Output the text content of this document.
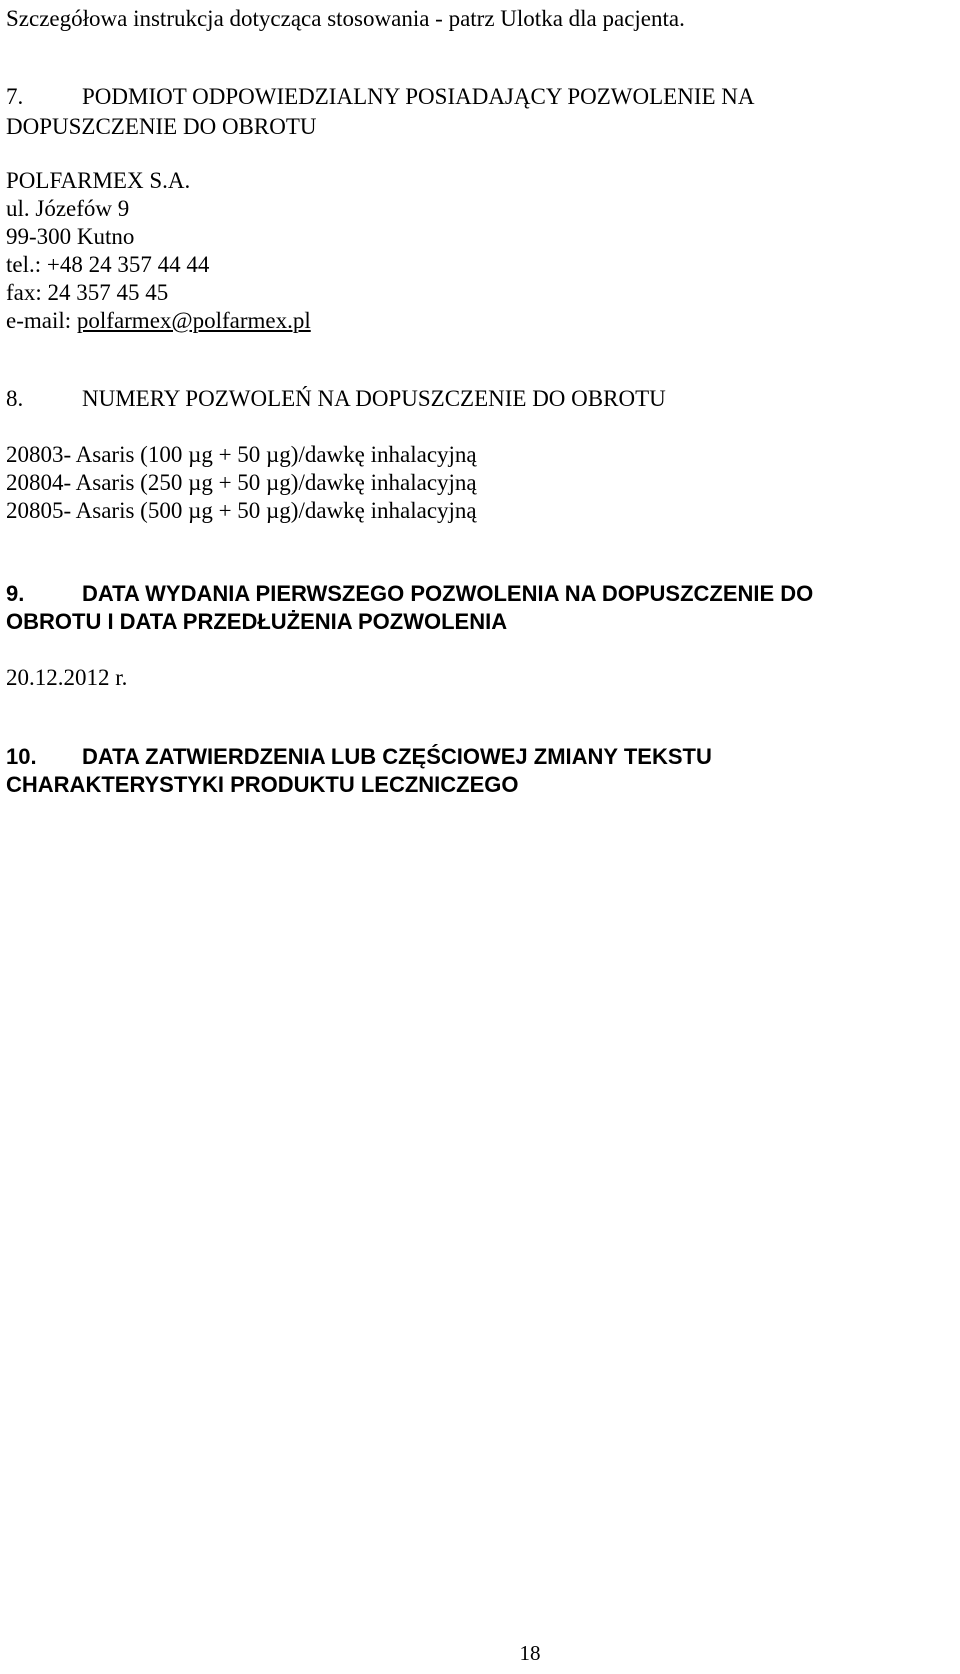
Szczegółowa instrukcja dotycząca stosowania - patrz Ulotka dla pacjenta.
7.	PODMIOT ODPOWIEDZIALNY POSIADAJĄCY POZWOLENIE NA
DOPUSZCZENIE DO OBROTU
POLFARMEX S.A.
ul. Józefów 9
99-300 Kutno
tel.: +48 24 357 44 44
fax: 24 357 45 45
e-mail: polfarmex@polfarmex.pl
8.	NUMERY POZWOLEŃ NA DOPUSZCZENIE DO OBROTU
20803- Asaris (100 µg + 50 µg)/dawkę inhalacyjną
20804- Asaris (250 µg + 50 µg)/dawkę inhalacyjną
20805- Asaris (500 µg + 50 µg)/dawkę inhalacyjną
9.	DATA WYDANIA PIERWSZEGO POZWOLENIA NA DOPUSZCZENIE DO
OBROTU I DATA PRZEDŁUŻENIA POZWOLENIA
20.12.2012 r.
10. DATA ZATWIERDZENIA LUB CZĘŚCIOWEJ ZMIANY TEKSTU
CHARAKTERYSTYKI PRODUKTU LECZNICZEGO
18
